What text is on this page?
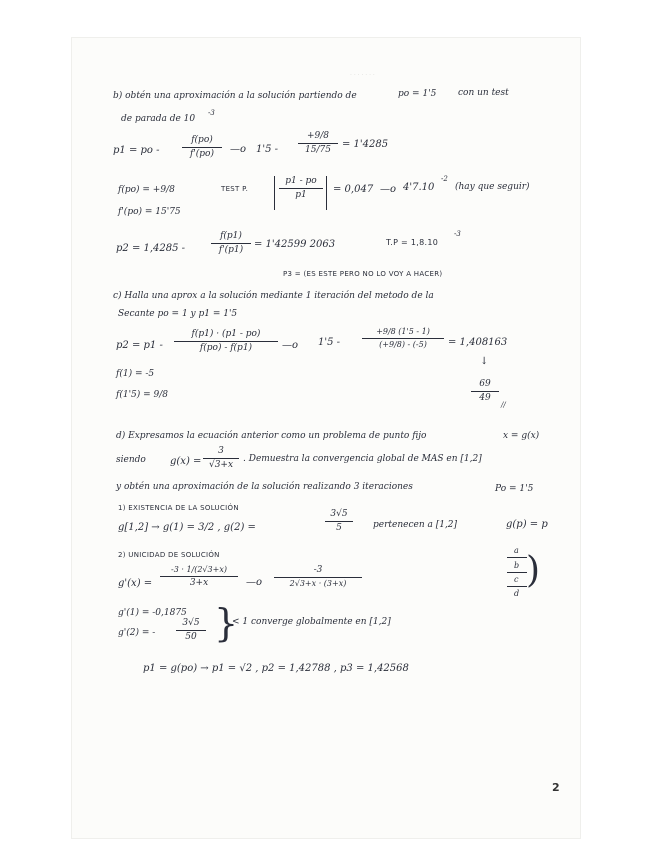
· · · · · · ·
b) obtén una aproximación a la solución partiendo de	po = 1'5 con un test
de parada de 10
-3
p1 = po -
f(po)
f'(po) —o 1'5 -
+9/8
15/75 = 1'4285
f(po) = +9/8
f'(po) = 15'75
TEST P.
p1 - po
p1	= 0,047 —o 4'7.10
-2
(hay que seguir)
p2 = 1,4285 -
f(p1)
f'(p1) = 1'42599 2063	T.P = 1,8.10
-3
P3 = (ES ESTE PERO NO LO VOY A HACER)
c) Halla una aprox a la solución mediante 1 iteración del metodo de la
Secante po = 1 y p1 = 1'5
p2 = p1 -
f(p1) · (p1 - po)
f(po) - f(p1)	—o 1'5 -
+9/8 (1'5 - 1)
(+9/8) - (-5) = 1,408163
↓
69
49
//
f(1) = -5
f(1'5) = 9/8
d) Expresamos la ecuación anterior como un problema de punto fijo	x = g(x)
siendo g(x) =
3
√3+x
. Demuestra la convergencia global de MAS en [1,2]
y obtén una aproximación de la solución realizando 3 iteraciones	Po = 1'5
1) EXISTENCIA DE LA SOLUCIÓN
g[1,2] → g(1) = 3/2 , g(2) =
3√5
5	pertenecen a [1,2]	g(p) = p
2) UNICIDAD DE SOLUCIÓN
g'(x) =
-3 · 1/(2√3+x)
3+x	—o
-3
2√3+x · (3+x)
g'(1) = -0,1875
g'(2) = -
3√5
50 }
< 1 converge globalmente en [1,2]
p1 = g(po) → p1 = √2 , p2 = 1,42788 , p3 = 1,42568
a
b
c
d
)
2
